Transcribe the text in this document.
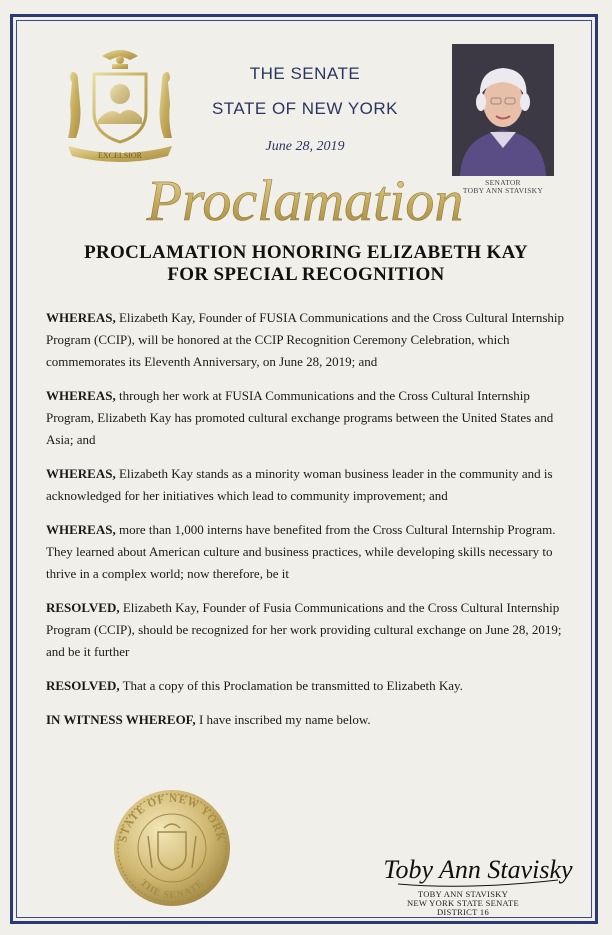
EXCELSIOR
THE SENATE
STATE OF NEW YORK
June 28, 2019
SENATOR
TOBY ANN STAVISKY
Proclamation
PROCLAMATION HONORING ELIZABETH KAY
FOR SPECIAL RECOGNITION

WHEREAS, Elizabeth Kay, Founder of FUSIA Communications and the Cross Cultural Internship Program (CCIP), will be honored at the CCIP Recognition Ceremony Celebration, which commemorates its Eleventh Anniversary, on June 28, 2019; and

WHEREAS, through her work at FUSIA Communications and the Cross Cultural Internship Program, Elizabeth Kay has promoted cultural exchange programs between the United States and Asia; and

WHEREAS, Elizabeth Kay stands as a minority woman business leader in the community and is acknowledged for her initiatives which lead to community improvement; and

WHEREAS, more than 1,000 interns have benefited from the Cross Cultural Internship Program. They learned about American culture and business practices, while developing skills necessary to thrive in a complex world; now therefore, be it

RESOLVED, Elizabeth Kay, Founder of Fusia Communications and the Cross Cultural Internship Program (CCIP), should be recognized for her work providing cultural exchange on June 28, 2019; and be it further

RESOLVED, That a copy of this Proclamation be transmitted to Elizabeth Kay.

IN WITNESS WHEREOF, I have inscribed my name below.

STATE OF NEW YORK
THE SENATE
Toby Ann Stavisky
TOBY ANN STAVISKY
NEW YORK STATE SENATE
DISTRICT 16
